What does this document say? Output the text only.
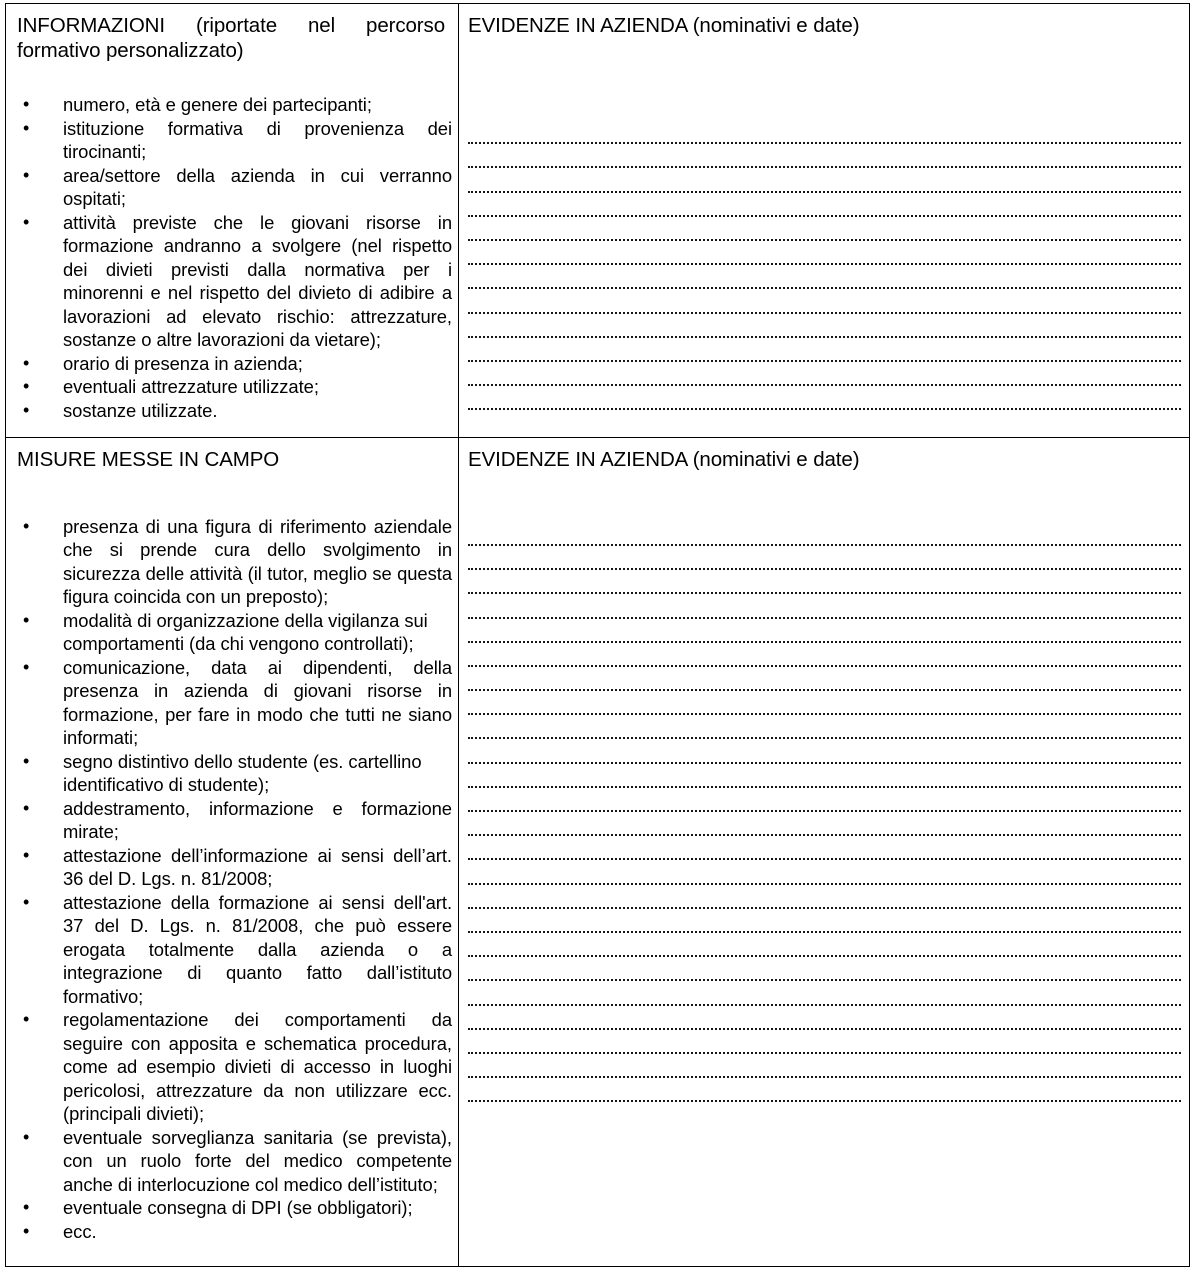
INFORMAZIONI (riportate nel percorso formativo personalizzato)

• numero, età e genere dei partecipanti;
• istituzione formativa di provenienza dei tirocinanti;
• area/settore della azienda in cui verranno ospitati;
• attività previste che le giovani risorse in formazione andranno a svolgere (nel rispetto dei divieti previsti dalla normativa per i minorenni e nel rispetto del divieto di adibire a lavorazioni ad elevato rischio: attrezzature, sostanze o altre lavorazioni da vietare);
• orario di presenza in azienda;
• eventuali attrezzature utilizzate;
• sostanze utilizzate.

EVIDENZE IN AZIENDA (nominativi e date)

MISURE MESSE IN CAMPO

• presenza di una figura di riferimento aziendale che si prende cura dello svolgimento in sicurezza delle attività (il tutor, meglio se questa figura coincida con un preposto);
• modalità di organizzazione della vigilanza sui comportamenti (da chi vengono controllati);
• comunicazione, data ai dipendenti, della presenza in azienda di giovani risorse in formazione, per fare in modo che tutti ne siano informati;
• segno distintivo dello studente (es. cartellino identificativo di studente);
• addestramento, informazione e formazione mirate;
• attestazione dell’informazione ai sensi dell’art. 36 del D. Lgs. n. 81/2008;
• attestazione della formazione ai sensi dell'art. 37 del D. Lgs. n. 81/2008, che può essere erogata totalmente dalla azienda o a integrazione di quanto fatto dall’istituto formativo;
• regolamentazione dei comportamenti da seguire con apposita e schematica procedura, come ad esempio divieti di accesso in luoghi pericolosi, attrezzature da non utilizzare ecc. (principali divieti);
• eventuale sorveglianza sanitaria (se prevista), con un ruolo forte del medico competente anche di interlocuzione col medico dell’istituto;
• eventuale consegna di DPI (se obbligatori);
• ecc.

EVIDENZE IN AZIENDA (nominativi e date)
